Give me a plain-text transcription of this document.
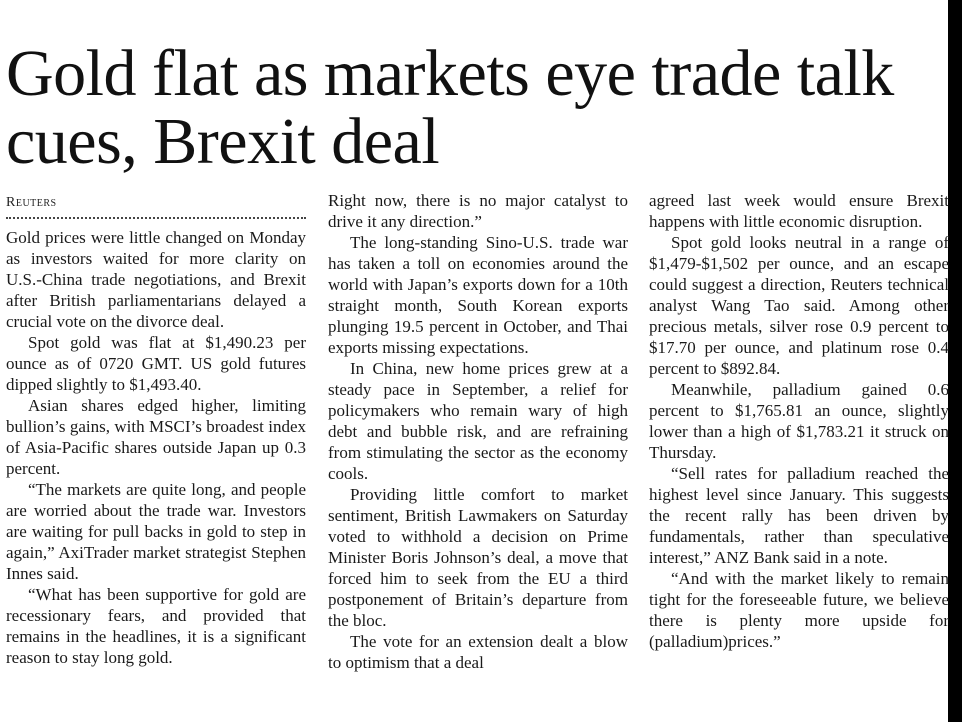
Gold flat as markets eye trade talk cues, Brexit deal
Reuters

Gold prices were little changed on Monday as investors waited for more clarity on U.S.-China trade negotiations, and Brexit after British parliamentarians delayed a crucial vote on the divorce deal.

Spot gold was flat at $1,490.23 per ounce as of 0720 GMT. US gold futures dipped slightly to $1,493.40.

Asian shares edged higher, limiting bullion’s gains, with MSCI’s broadest index of Asia-Pacific shares outside Japan up 0.3 percent.

“The markets are quite long, and people are worried about the trade war. Investors are waiting for pull backs in gold to step in again,” AxiTrader market strategist Stephen Innes said.

“What has been supportive for gold are recessionary fears, and provided that remains in the headlines, it is a significant reason to stay long gold.

Right now, there is no major catalyst to drive it any direction.”

The long-standing Sino-U.S. trade war has taken a toll on economies around the world with Japan’s exports down for a 10th straight month, South Korean exports plunging 19.5 percent in October, and Thai exports missing expectations.

In China, new home prices grew at a steady pace in September, a relief for policymakers who remain wary of high debt and bubble risk, and are refraining from stimulating the sector as the economy cools.

Providing little comfort to market sentiment, British Lawmakers on Saturday voted to withhold a decision on Prime Minister Boris Johnson’s deal, a move that forced him to seek from the EU a third postponement of Britain’s departure from the bloc.

The vote for an extension dealt a blow to optimism that a deal

agreed last week would ensure Brexit happens with little economic disruption.

Spot gold looks neutral in a range of $1,479-$1,502 per ounce, and an escape could suggest a direction, Reuters technical analyst Wang Tao said. Among other precious metals, silver rose 0.9 percent to $17.70 per ounce, and platinum rose 0.4 percent to $892.84.

Meanwhile, palladium gained 0.6 percent to $1,765.81 an ounce, slightly lower than a high of $1,783.21 it struck on Thursday.

“Sell rates for palladium reached the highest level since January. This suggests the recent rally has been driven by fundamentals, rather than speculative interest,” ANZ Bank said in a note.

“And with the market likely to remain tight for the foreseeable future, we believe there is plenty more upside for (palladium)prices.”
